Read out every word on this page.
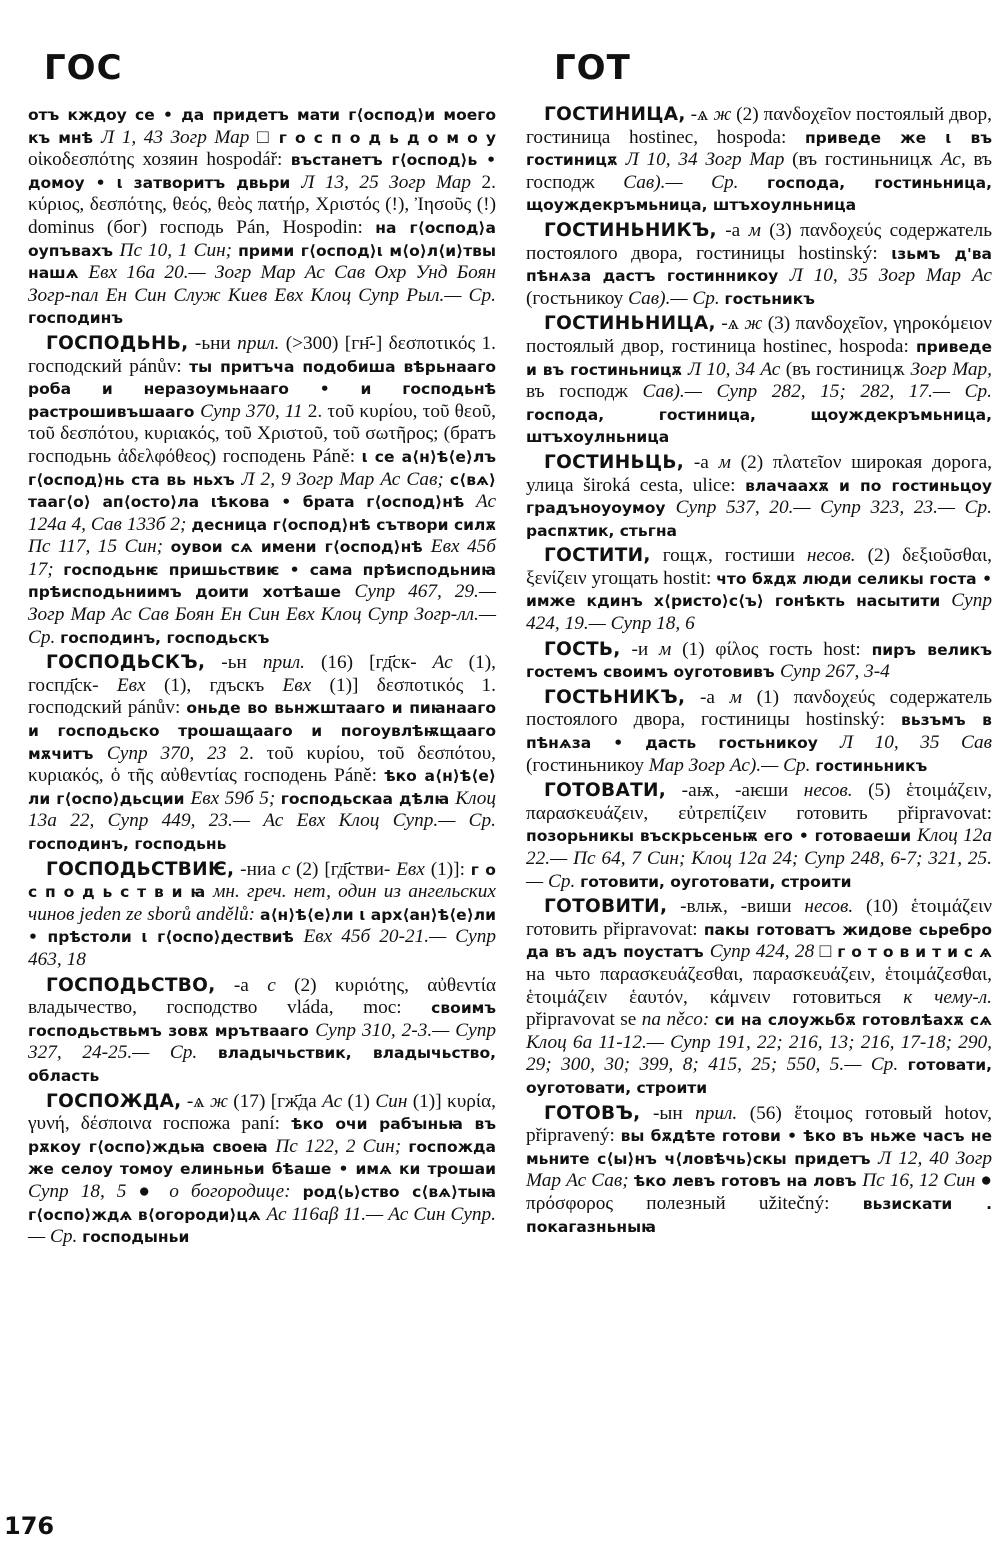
ГОС	ГОТ

отъ кждоу се • да придетъ мати г⟨оспод⟩и моего къ мнѣ Л 1, 43 Зогр Мар □ г о с п о д ь д о м о у οἰκοδεσπότης хозяин hospodář: въстанетъ г⟨оспод⟩ь • домоу • ι затворитъ двьри Л 13, 25 Зогр Мар 2. κύριος, δεσπότης, θεός, θεὸς πατήρ, Χριστός (!), Ἰησοῦς (!) dominus (бог) господь Pán, Hospodin: на г⟨оспод⟩а оупъвахъ Пс 10, 1 Син; прими г⟨оспод⟩ι м⟨о⟩л⟨и⟩твы нашѧ Евх 16а 20.— Зогр Мар Ас Сав Охр Унд Боян Зогр-пал Ен Син Служ Киев Евх Клоц Супр Рыл.— Ср. господинъ

ГОСПОДЬНЬ, -ьни прил. (>300) [гн҃-] δεσποτικός 1. господский pánův: ты притъча подобиша вѣрьнааго роба и неразоумьнааго • и господьнѣ растрошивъшааго Супр 370, 11 2. τοῦ κυρίου, τοῦ θεοῦ, τοῦ δεσπότου, κυριακός, τοῦ Χριστοῦ, τοῦ σωτῆρος; (братъ господьнь ἀδελφόθεος) господень Páně: ι се а⟨н⟩ѣ⟨е⟩лъ г⟨оспод⟩нь ста вь ньхъ Л 2, 9 Зогр Мар Ас Сав; с⟨вѧ⟩тааг⟨о⟩ ап⟨осто⟩ла ιѣкова • брата г⟨оспод⟩нѣ Ас 124а 4, Сав 133б 2; десница г⟨оспод⟩нѣ сътвори силѫ Пс 117, 15 Син; оувои сѧ имени г⟨оспод⟩нѣ Евх 45б 17; господьнѥ пришьствиѥ • сама прѣисподьниꙗ прѣисподьниимъ доити хотѣаше Супр 467, 29.— Зогр Мар Ас Сав Боян Ен Син Евх Клоц Супр Зогр-лл.— Ср. господинъ, господьскъ

ГОСПОДЬСКЪ, -ьн прил. (16) [гд҃ск- Ас (1), госпд҃ск- Евх (1), гдъскъ Евх (1)] δεσποτικός 1. господский pánův: оньде во вьнжштааго и пиꙗнааго и господьско трошащааго и погоувлѣѭщааго мѫчитъ Супр 370, 23 2. τοῦ κυρίου, τοῦ δεσπότου, κυριακός, ὁ τῆς αὐθεντίας господень Páně: ѣко а⟨н⟩ѣ⟨е⟩ли г⟨оспо⟩дьсции Евх 59б 5; господьскаа дѣлꙗ Клоц 13а 22, Супр 449, 23.— Ас Евх Клоц Супр.— Ср. господинъ, господьнь

ГОСПОДЬСТВИѤ, -ниа с (2) [гд҃стви- Евх (1)]: г о с п о д ь с т в и ꙗ мн. греч. нет, один из ангельских чинов jeden ze sborů andělů: а⟨н⟩ѣ⟨е⟩ли ι арх⟨ан⟩ѣ⟨е⟩ли • прѣстоли ι г⟨оспо⟩дествиѣ Евх 45б 20-21.— Супр 463, 18

ГОСПОДЬСТВО, -а с (2) κυριότης, αὐθεντία владычество, господство vláda, moc: своимъ господьствьмъ зовѫ мрътвааго Супр 310, 2-3.— Супр 327, 24-25.— Ср. владычьствик, владычьство, область

ГОСПОЖДА, -ѧ ж (17) [гж҃да Ас (1) Син (1)] κυρία, γυνή, δέσποινα госпожа paní: ѣко очи рабꙑньꙗ въ рѫкоу г⟨оспо⟩ждьꙗ своеꙗ Пс 122, 2 Син; госпожда же селоу томоу елиньньи бѣаше • имѧ ки трошаи Супр 18, 5 ● о богородице: род⟨ь⟩ство с⟨вѧ⟩тыꙗ г⟨оспо⟩ждѧ в⟨огороди⟩цѧ Ас 116аβ 11.— Ас Син Супр.— Ср. господыньи

ГОСТИНИЦА, -ѧ ж (2) πανδοχεῖον постоялый двор, гостиница hostinec, hospoda: приведе же ι въ гостиницѫ Л 10, 34 Зогр Мар (въ гостиньницѫ Ас, въ господж Сав).— Ср. господа, гостиньница, щоуждекръмьница, штъхоулньница

ГОСТИНЬНИКЪ, -а м (3) πανδοχεύς содержатель постоялого двора, гостиницы hostinský: ιзьмъ д'ва пѣнѧза дастъ гостинникоу Л 10, 35 Зогр Мар Ас (гостьникоу Сав).— Ср. гостьникъ

ГОСТИНЬНИЦА, -ѧ ж (3) πανδοχεῖον, γηροκόμειον постоялый двор, гостиница hostinec, hospoda: приведе и въ гостиньницѫ Л 10, 34 Ас (въ гостиницѫ Зогр Мар, въ господж Сав).— Супр 282, 15; 282, 17.— Ср. господа, гостиница, щоуждекръмьница, штъхоулньница

ГОСТИНЬЦЬ, -а м (2) πλατεῖον широкая дорога, улица široká cesta, ulice: влачаахѫ и по гостиньцоу градъноуоумоу Супр 537, 20.— Супр 323, 23.— Ср. распѫтик, стьгна

ГОСТИТИ, гощѫ, гостиши несов. (2) δεξιοῦσθαι, ξενίζειν угощать hostit: что бѫдѫ люди селикы госта • имже кдинъ х⟨ристо⟩с⟨ъ⟩ гонѣкть насытити Супр 424, 19.— Супр 18, 6

ГОСТЬ, -и м (1) φίλος гость host: пиръ великъ гостемъ своимъ оуготовивъ Супр 267, 3-4

ГОСТЬНИКЪ, -а м (1) πανδοχεύς содержатель постоялого двора, гостиницы hostinský: вьзъмъ в пѣнѧза • дасть гостьникоу Л 10, 35 Сав (гостиньникоу Мар Зогр Ас).— Ср. гостиньникъ

ГОТОВАТИ, -аѭ, -аѥши несов. (5) ἑτοιμάζειν, παρασκευάζειν, εὐτρεπίζειν готовить připravovat: позорьникы въскрьсеньѭ его • готоваеши Клоц 12а 22.— Пс 64, 7 Син; Клоц 12а 24; Супр 248, 6-7; 321, 25.— Ср. готовити, оуготовати, строити

ГОТОВИТИ, -влѭ, -виши несов. (10) ἑτοιμάζειν готовить připravovat: пакы готоватъ жидове сьребро да въ адъ поустатъ Супр 424, 28 □ г о т о в и т и с ѧ на чьто παρασκευάζεσθαι, παρασκευάζειν, ἑτοιμάζεσθαι, ἑτοιμάζειν ἑαυτόν, κάμνειν готовиться к чему-л. připravovat se na něco: си на слоужьбѫ готовлѣахѫ сѧ Клоц 6а 11-12.— Супр 191, 22; 216, 13; 216, 17-18; 290, 29; 300, 30; 399, 8; 415, 25; 550, 5.— Ср. готовати, оуготовати, строити

ГОТОВЪ, -ын прил. (56) ἕτοιμος готовый hotov, připravený: вы бѫдѣте готови • ѣко въ ньже часъ не мьните с⟨ы⟩нъ ч⟨ловѣчь⟩скы придетъ Л 12, 40 Зогр Мар Ас Сав; ѣко левъ готовъ на ловъ Пс 16, 12 Син ● πρόσφορος полезный užitečný: вьзискати . покагазньныꙗ

176
